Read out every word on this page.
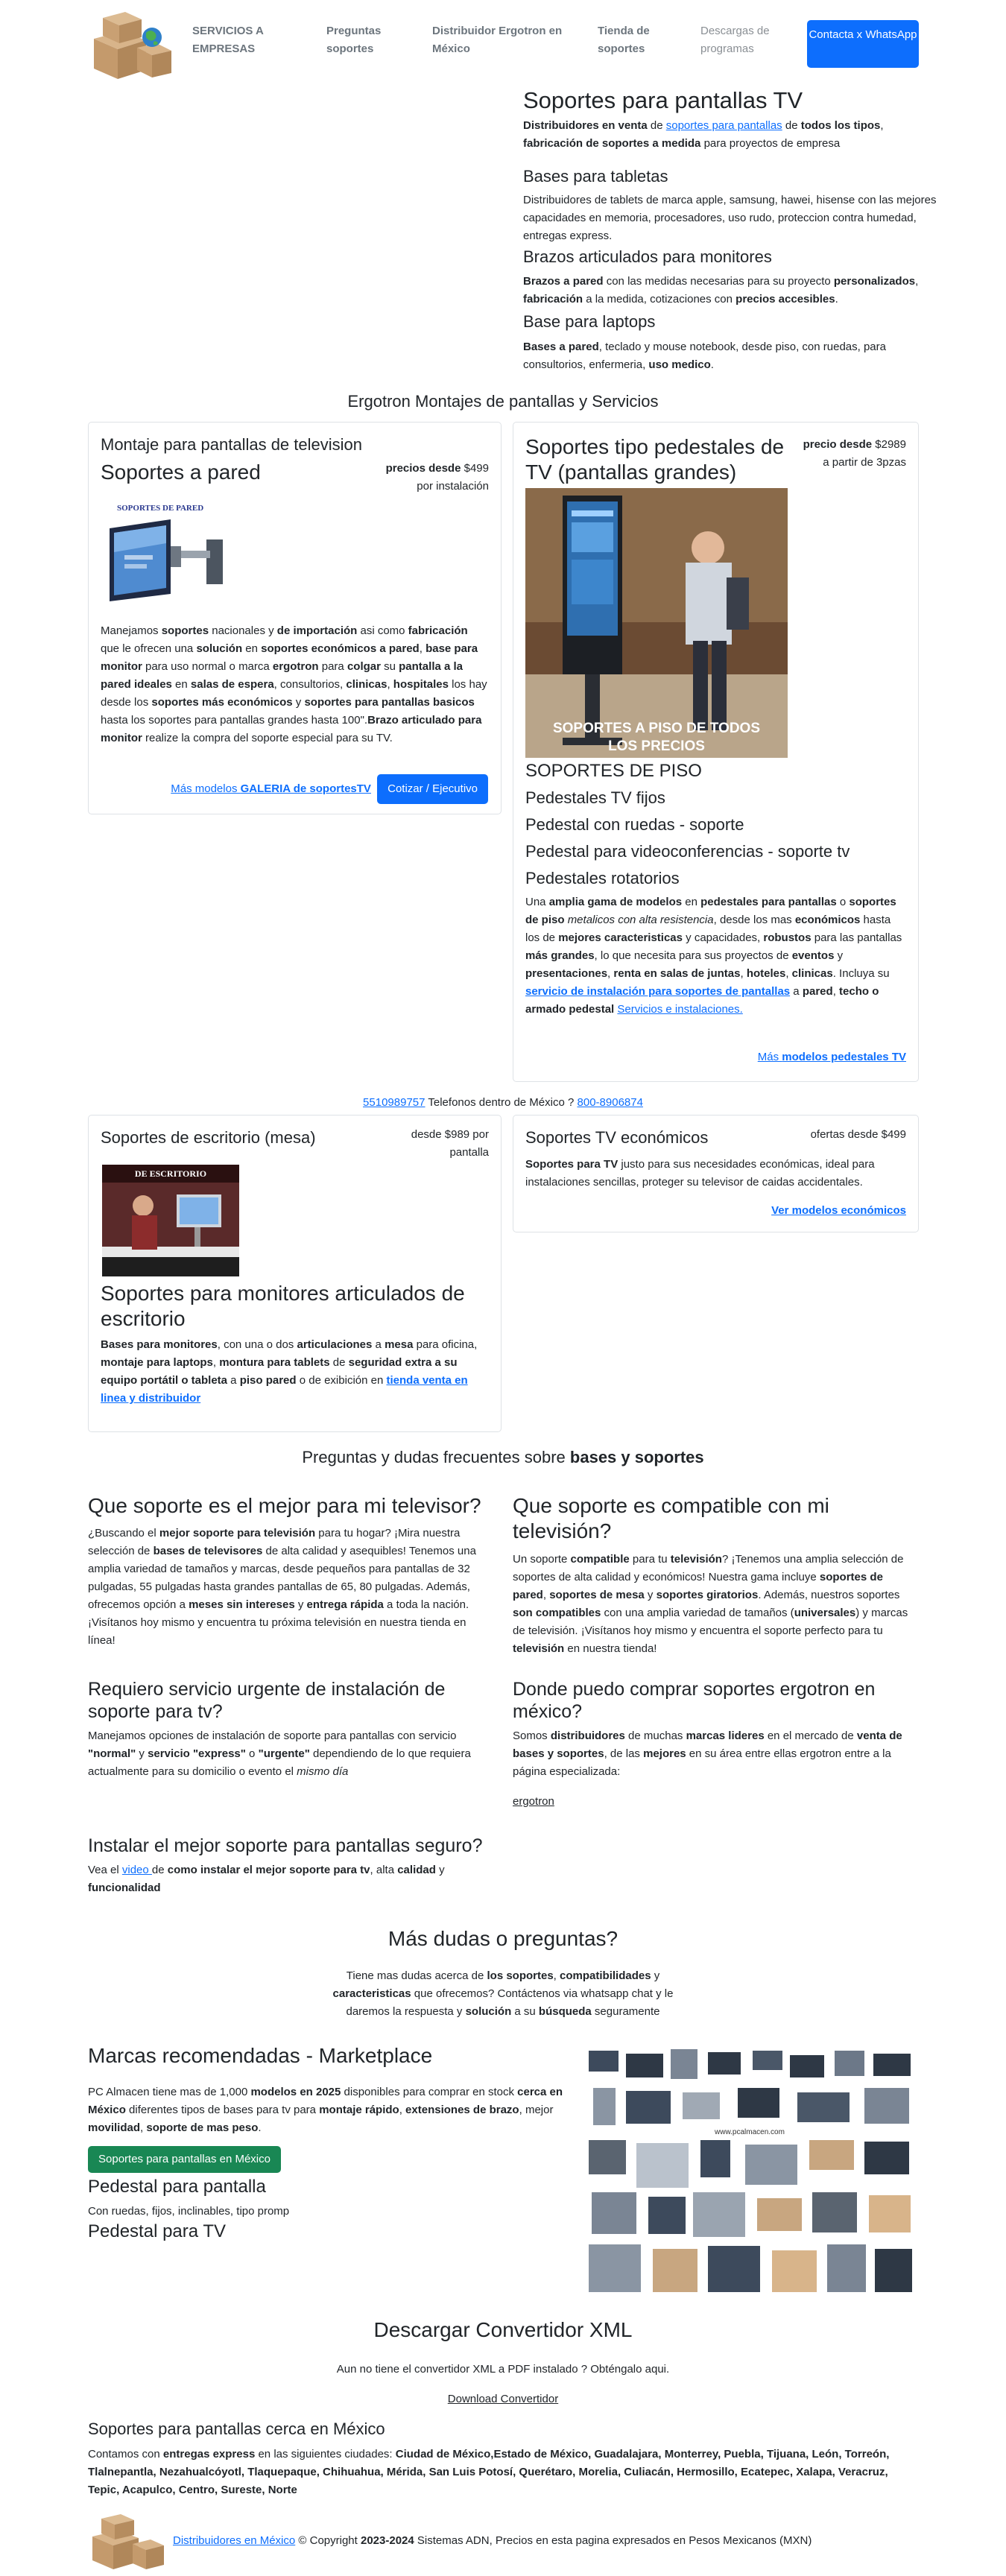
SERVICIOS A EMPRESAS
Preguntas soportes
Distribuidor Ergotron en México
Tienda de soportes
Descargas de programas
Contacta x WhatsApp
Soportes para pantallas TV

Distribuidores en venta de soportes para pantallas de todos los tipos, fabricación de soportes a medida para proyectos de empresa

Bases para tabletas

Distribuidores de tablets de marca apple, samsung, hawei, hisense con las mejores capacidades en memoria, procesadores, uso rudo, proteccion contra humedad, entregas express.

Brazos articulados para monitores

Brazos a pared con las medidas necesarias para su proyecto personalizados, fabricación a la medida, cotizaciones con precios accesibles.

Base para laptops

Bases a pared, teclado y mouse notebook, desde piso, con ruedas, para consultorios, enfermeria, uso medico.

Ergotron Montajes de pantallas y Servicios
Montaje para pantallas de television
Soportes a pared	precios desde $499
por instalación
SOPORTES DE PARED

Manejamos soportes nacionales y de importación asi como fabricación que le ofrecen una solución en soportes económicos a pared, base para monitor para uso normal o marca ergotron para colgar su pantalla a la pared ideales en salas de espera, consultorios, clinicas, hospitales los hay desde los soportes más económicos y soportes para pantallas basicos hasta los soportes para pantallas grandes hasta 100".Brazo articulado para monitor realize la compra del soporte especial para su TV.

Más modelos GALERIA de soportesTV Cotizar / Ejecutivo
Soportes tipo pedestales de TV (pantallas grandes)
precio desde $2989
a partir de 3pzas
SOPORTES A PISO DE TODOS
LOS PRECIOS
SOPORTES DE PISO
Pedestales TV fijos
Pedestal con ruedas - soporte
Pedestal para videoconferencias - soporte tv
Pedestales rotatorios

Una amplia gama de modelos en pedestales para pantallas o soportes de piso metalicos con alta resistencia, desde los mas económicos hasta los de mejores caracteristicas y capacidades, robustos para las pantallas más grandes, lo que necesita para sus proyectos de eventos y presentaciones, renta en salas de juntas, hoteles, clinicas. Incluya su servicio de instalación para soportes de pantallas a pared, techo o armado pedestal Servicios e instalaciones.

Más modelos pedestales TV
5510989757 Telefonos dentro de México ? 800-8906874
Soportes de escritorio (mesa)	desde $989 por pantalla
DE ESCRITORIO
Soportes para monitores articulados de escritorio

Bases para monitores, con una o dos articulaciones a mesa para oficina, montaje para laptops, montura para tablets de seguridad extra a su equipo portátil o tableta a piso pared o de exibición en tienda venta en linea y distribuidor

Soportes TV económicos	ofertas desde $499

Soportes para TV justo para sus necesidades económicas, ideal para instalaciones sencillas, proteger su televisor de caidas accidentales.

Ver modelos económicos
Preguntas y dudas frecuentes sobre bases y soportes
Que soporte es el mejor para mi televisor?

¿Buscando el mejor soporte para televisión para tu hogar? ¡Mira nuestra selección de bases de televisores de alta calidad y asequibles! Tenemos una amplia variedad de tamaños y marcas, desde pequeños para pantallas de 32 pulgadas, 55 pulgadas hasta grandes pantallas de 65, 80 pulgadas. Además, ofrecemos opción a meses sin intereses y entrega rápida a toda la nación. ¡Visítanos hoy mismo y encuentra tu próxima televisión en nuestra tienda en línea!

Que soporte es compatible con mi televisión?

Un soporte compatible para tu televisión? ¡Tenemos una amplia selección de soportes de alta calidad y económicos! Nuestra gama incluye soportes de pared, soportes de mesa y soportes giratorios. Además, nuestros soportes son compatibles con una amplia variedad de tamaños (universales) y marcas de televisión. ¡Visítanos hoy mismo y encuentra el soporte perfecto para tu televisión en nuestra tienda!

Requiero servicio urgente de instalación de soporte para tv?

Manejamos opciones de instalación de soporte para pantallas con servicio "normal" y servicio "express" o "urgente" dependiendo de lo que requiera actualmente para su domicilio o evento el mismo día

Donde puedo comprar soportes ergotron en méxico?

Somos distribuidores de muchas marcas lideres en el mercado de venta de bases y soportes, de las mejores en su área entre ellas ergotron entre a la página especializada:

ergotron
Instalar el mejor soporte para pantallas seguro?

Vea el video de como instalar el mejor soporte para tv, alta calidad y funcionalidad

Más dudas o preguntas?

Tiene mas dudas acerca de los soportes, compatibilidades y caracteristicas que ofrecemos? Contáctenos via whatsapp chat y le daremos la respuesta y solución a su búsqueda seguramente

Marcas recomendadas - Marketplace

PC Almacen tiene mas de 1,000 modelos en 2025 disponibles para comprar en stock cerca en México diferentes tipos de bases para tv para montaje rápido, extensiones de brazo, mejor movilidad, soporte de mas peso.

Soportes para pantallas en México
Pedestal para pantalla

Con ruedas, fijos, inclinables, tipo promp

Pedestal para TV
www.pcalmacen.com
Descargar Convertidor XML

Aun no tiene el convertidor XML a PDF instalado ? Obténgalo aqui.

Download Convertidor
Soportes para pantallas cerca en México

Contamos con entregas express en las siguientes ciudades: Ciudad de México,Estado de México, Guadalajara, Monterrey, Puebla, Tijuana, León, Torreón, Tlalnepantla, Nezahualcóyotl, Tlaquepaque, Chihuahua, Mérida, San Luis Potosí, Querétaro, Morelia, Culiacán, Hermosillo, Ecatepec, Xalapa, Veracruz, Tepic, Acapulco, Centro, Sureste, Norte

Distribuidores en México © Copyright 2023-2024 Sistemas ADN, Precios en esta pagina expresados en Pesos Mexicanos (MXN)
